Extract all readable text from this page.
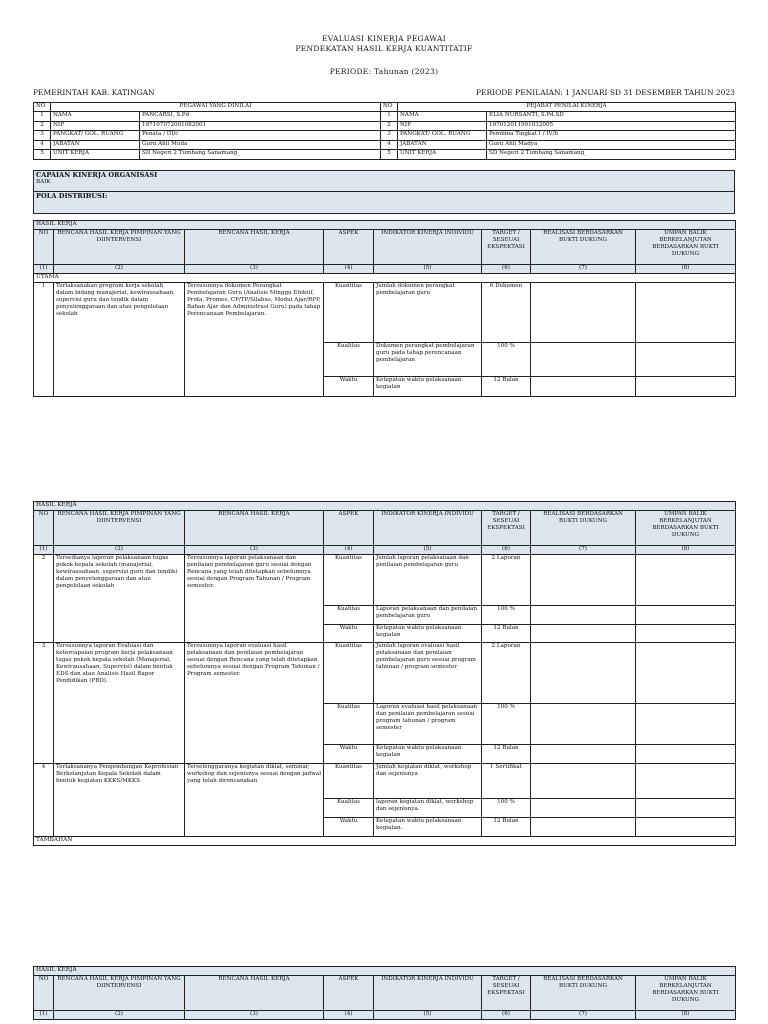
EVALUASI KINERJA PEGAWAI
PENDEKATAN HASIL KERJA KUANTITATIF
PERIODE: Tahunan (2023)
PEMERINTAH KAB. KATINGAN	PERIODE PENILAIAN: 1 JANUARI SD 31 DESEMBER TAHUN 2023
NO	PEGAWAI YANG DINILAI		NO	PEJABAT PENILAI KINERJA	
1	NAMA	PANCARSI, S.Pd	1	NAMA	ELIA NURSANTI, S.Pd.SD
2	NIP	197107072001082001	2	NIP	197012011991032005
3	PANGKAT/ GOL. RUANG	Penata / III/c	3	PANGKAT/ GOL. RUANG	Pembina Tingkat I / IV/b
4	JABATAN	Guru Ahli Muda	4	JABATAN	Guru Ahli Madya
5	UNIT KERJA	SD Negeri 2 Tumbang Sanamang_	5	UNIT KERJA	SD Negeri 2 Tumbang Sanamang_
CAPAIAN KINERJA ORGANISASI
BAIK

POLA DISTRIBUSI:
HASIL KERJA							
NO	RENCANA HASIL KERJA PIMPINAN YANG DIINTERVENSI	RENCANA HASIL KERJA	ASPEK	INDIKATOR KINERJA INDIVIDU	TARGET / SESEUAI EKSPEKTASI	REALISASI BERDASARKAN BUKTI DUKUNG	UMPAN BALIK BERKELANJUTAN BERDASARKAN BUKTI DUKUNG
(1)	(2)	(3)	(4)	(5)	(6)	(7)	(8)
UTAMA							
1	Terlaksanakan program kerja sekolah dalam bidang manajerial, kewirausahaan, supervisi guru dan tendik dalam penyelenggaraan dan atau pengelolaan sekolah	Tersusunnya dokumen Perangkat Pembelajaran Guru (Analisis Minggu Efektif, Prota, Promes, CP/TP/Silabus, Modul Ajar/RPP, Bahan Ajar dan Administrasi Guru) pada tahap Perencanaan Pembelajaran.	Kuantitas	Jumlah dokumen perangkat pembelajaran guru	6 Dokumen		
			Kualitas	Dokumen perangkat pembelajaran guru pada tahap perencanaan pembelajaran	100 %		
			Waktu	Ketepatan waktu pelaksanaan kegiatan	12 Bulan		
HASIL KERJA							
NO	RENCANA HASIL KERJA PIMPINAN YANG DIINTERVENSI	RENCANA HASIL KERJA	ASPEK	INDIKATOR KINERJA INDIVIDU	TARGET / SESEUAI EKSPEKTASI	REALISASI BERDASARKAN BUKTI DUKUNG	UMPAN BALIK BERKELANJUTAN BERDASARKAN BUKTI DUKUNG
(1)	(2)	(3)	(4)	(5)	(6)	(7)	(8)
2	Tersedianya laporan pelaksanaan tugas pokok kepala sekolah (manajerial, kewirausahaan, supervisi guru dan tendik) dalam penyelenggaraan dan atau pengelolaan sekolah	Tersusunnya laporan pelaksanaan dan penilaian pembelajaran guru sesuai dengan Rencana yang telah ditetapkan sebelumnya sesuai dengan Program Tahunan / Program semester.	Kuantitas	Jumlah laporan pelaksanaan dan penilaian pembelajaran guru	2 Laporan		
			Kualitas	Laporan pelaksanaan dan penilaian pembelajaran guru	100 %		
			Waktu	Ketepatan waktu pelaksanaan kegiatan	12 Bulan		
3	Tersusunnya laporan Evaluasi dan ketercapaian program kerja pelaksanaan tugas pokok kepala sekolah (Manajerial, Kewirausahaan, Supervisi) dalam bentuk EDS dan atau Analisis Hasil Rapor Pendidikan (PBD).	Tersusunnya laporan evaluasi hasil pelaksanaan dan penilaian pembelajaran sesuai dengan Rencana yang telah ditetapkan sebelumnya sesuai dengan Program Tahunan / Program semester.	Kuantitas	Jumlah laporan evaluasi hasil pelaksanaan dan penilaian pembelajaran guru sesuai program tahunan / program semester	2 Laporan		
			Kualitas	Laporan evaluasi hasil pelaksanaan dan penilaian pembelajaran sesuai program tahunan / program semester	100 %		
			Waktu	Ketepatan waktu pelaksanaan kegiatan	12 Bulan		
4	Terlaksananya Pengembangan Keprofesian Berkelanjutan Kepala Sekolah dalam bentuk kegiatan KKKS/MKKS	Terselenggaranya kegiatan diklat, seminar, workshop dan sejenisnya sesuai dengan jadwal yang telah direncanakan	Kuantitas	Jumlah kegiatan diklat, workshop dan sejenisnya	1 Sertifikat		
			Kualitas	laporan kegiatan diklat, workshop dan sejenisnya.	100 %		
			Waktu	Ketepatan waktu pelaksanaan kegiatan.	12 Bulan		
TAMBAHAN							
HASIL KERJA							
NO	RENCANA HASIL KERJA PIMPINAN YANG DIINTERVENSI	RENCANA HASIL KERJA	ASPEK	INDIKATOR KINERJA INDIVIDU	TARGET / SESEUAI EKSPEKTASI	REALISASI BERDASARKAN BUKTI DUKUNG	UMPAN BALIK BERKELANJUTAN BERDASARKAN BUKTI DUKUNG
(1)	(2)	(3)	(4)	(5)	(6)	(7)	(8)
